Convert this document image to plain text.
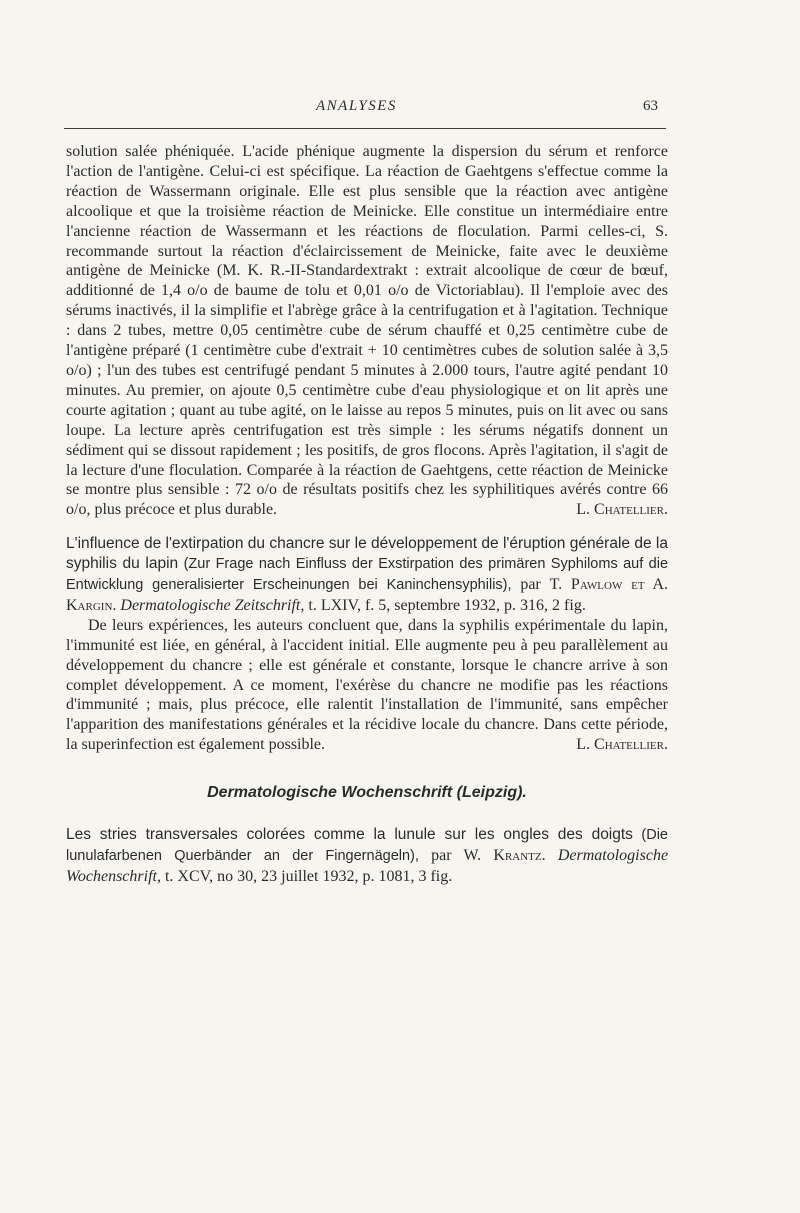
ANALYSES	63

solution salée phéniquée. L'acide phénique augmente la dispersion du sérum et renforce l'action de l'antigène. Celui-ci est spécifique. La réaction de Gaehtgens s'effectue comme la réaction de Wassermann originale. Elle est plus sensible que la réaction avec antigène alcoolique et que la troisième réaction de Meinicke. Elle constitue un intermédiaire entre l'ancienne réaction de Wassermann et les réactions de floculation. Parmi celles-ci, S. recommande surtout la réaction d'éclaircissement de Meinicke, faite avec le deuxième antigène de Meinicke (M. K. R.-II-Standardextrakt : extrait alcoolique de cœur de bœuf, additionné de 1,4 o/o de baume de tolu et 0,01 o/o de Victoriablau). Il l'emploie avec des sérums inactivés, il la simplifie et l'abrège grâce à la centrifugation et à l'agitation. Technique : dans 2 tubes, mettre 0,05 centimètre cube de sérum chauffé et 0,25 centimètre cube de l'antigène préparé (1 centimètre cube d'extrait + 10 centimètres cubes de solution salée à 3,5 o/o) ; l'un des tubes est centrifugé pendant 5 minutes à 2.000 tours, l'autre agité pendant 10 minutes. Au premier, on ajoute 0,5 centimètre cube d'eau physiologique et on lit après une courte agitation ; quant au tube agité, on le laisse au repos 5 minutes, puis on lit avec ou sans loupe. La lecture après centrifugation est très simple : les sérums négatifs donnent un sédiment qui se dissout rapidement ; les positifs, de gros flocons. Après l'agitation, il s'agit de la lecture d'une floculation. Comparée à la réaction de Gaehtgens, cette réaction de Meinicke se montre plus sensible : 72 o/o de résultats positifs chez les syphilitiques avérés contre 66 o/o, plus précoce et plus durable.	L. Chatellier.

L'influence de l'extirpation du chancre sur le développement de l'éruption générale de la syphilis du lapin (Zur Frage nach Einfluss der Exstirpation des primären Syphiloms auf die Entwicklung generalisierter Erscheinungen bei Kaninchensyphilis), par T. Pawlow et A. Kargin. Dermatologische Zeitschrift, t. LXIV, f. 5, septembre 1932, p. 316, 2 fig.

De leurs expériences, les auteurs concluent que, dans la syphilis expérimentale du lapin, l'immunité est liée, en général, à l'accident initial. Elle augmente peu à peu parallèlement au développement du chancre ; elle est générale et constante, lorsque le chancre arrive à son complet développement. A ce moment, l'exérèse du chancre ne modifie pas les réactions d'immunité ; mais, plus précoce, elle ralentit l'installation de l'immunité, sans empêcher l'apparition des manifestations générales et la récidive locale du chancre. Dans cette période, la superinfection est également possible.	L. Chatellier.

Dermatologische Wochenschrift (Leipzig).

Les stries transversales colorées comme la lunule sur les ongles des doigts (Die lunulafarbenen Querbänder an der Fingernägeln), par W. Krantz. Dermatologische Wochenschrift, t. XCV, no 30, 23 juillet 1932, p. 1081, 3 fig.
